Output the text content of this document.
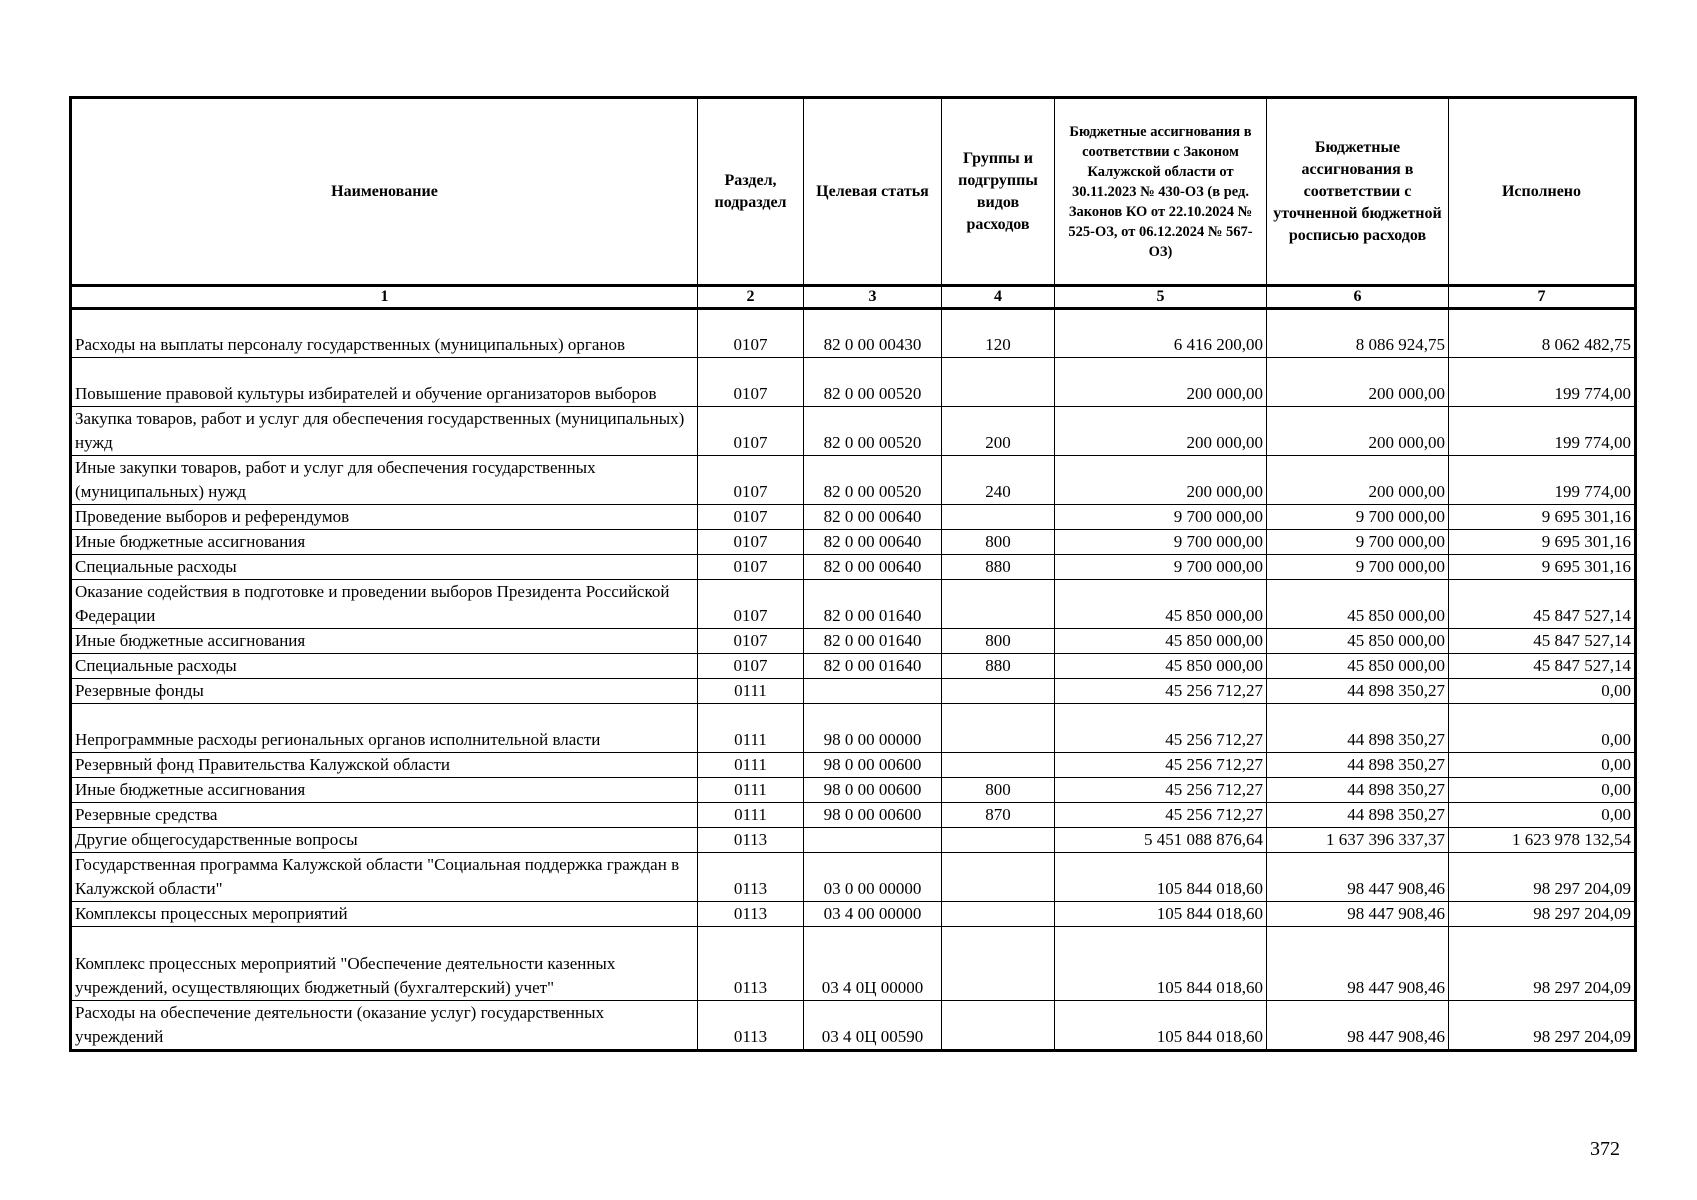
Наименование	Раздел, подраздел	Целевая статья	Группы и подгруппы видов расходов	Бюджетные ассигнования в соответствии с Законом Калужской области от 30.11.2023 № 430-ОЗ (в ред. Законов КО от 22.10.2024 № 525-ОЗ, от 06.12.2024 № 567-ОЗ)	Бюджетные ассигнования в соответствии с уточненной бюджетной росписью расходов	Исполнено
1	2	3	4	5	6	7
Расходы на выплаты персоналу государственных (муниципальных) органов	0107	82 0 00 00430	120	6 416 200,00	8 086 924,75	8 062 482,75
Повышение правовой культуры избирателей и обучение организаторов выборов	0107	82 0 00 00520		200 000,00	200 000,00	199 774,00
Закупка товаров, работ и услуг для обеспечения государственных (муниципальных) нужд	0107	82 0 00 00520	200	200 000,00	200 000,00	199 774,00
Иные закупки товаров, работ и услуг для обеспечения государственных (муниципальных) нужд	0107	82 0 00 00520	240	200 000,00	200 000,00	199 774,00
Проведение выборов и референдумов	0107	82 0 00 00640		9 700 000,00	9 700 000,00	9 695 301,16
Иные бюджетные ассигнования	0107	82 0 00 00640	800	9 700 000,00	9 700 000,00	9 695 301,16
Специальные расходы	0107	82 0 00 00640	880	9 700 000,00	9 700 000,00	9 695 301,16
Оказание содействия в подготовке и проведении выборов Президента Российской Федерации	0107	82 0 00 01640		45 850 000,00	45 850 000,00	45 847 527,14
Иные бюджетные ассигнования	0107	82 0 00 01640	800	45 850 000,00	45 850 000,00	45 847 527,14
Специальные расходы	0107	82 0 00 01640	880	45 850 000,00	45 850 000,00	45 847 527,14
Резервные фонды	0111			45 256 712,27	44 898 350,27	0,00
Непрограммные расходы региональных органов исполнительной власти	0111	98 0 00 00000		45 256 712,27	44 898 350,27	0,00
Резервный фонд Правительства Калужской области	0111	98 0 00 00600		45 256 712,27	44 898 350,27	0,00
Иные бюджетные ассигнования	0111	98 0 00 00600	800	45 256 712,27	44 898 350,27	0,00
Резервные средства	0111	98 0 00 00600	870	45 256 712,27	44 898 350,27	0,00
Другие общегосударственные вопросы	0113			5 451 088 876,64	1 637 396 337,37	1 623 978 132,54
Государственная программа Калужской области "Социальная поддержка граждан в Калужской области"	0113	03 0 00 00000		105 844 018,60	98 447 908,46	98 297 204,09
Комплексы процессных мероприятий	0113	03 4 00 00000		105 844 018,60	98 447 908,46	98 297 204,09
Комплекс процессных мероприятий "Обеспечение деятельности казенных учреждений, осуществляющих бюджетный (бухгалтерский) учет"	0113	03 4 0Ц 00000		105 844 018,60	98 447 908,46	98 297 204,09
Расходы на обеспечение деятельности (оказание услуг) государственных учреждений	0113	03 4 0Ц 00590		105 844 018,60	98 447 908,46	98 297 204,09
372
